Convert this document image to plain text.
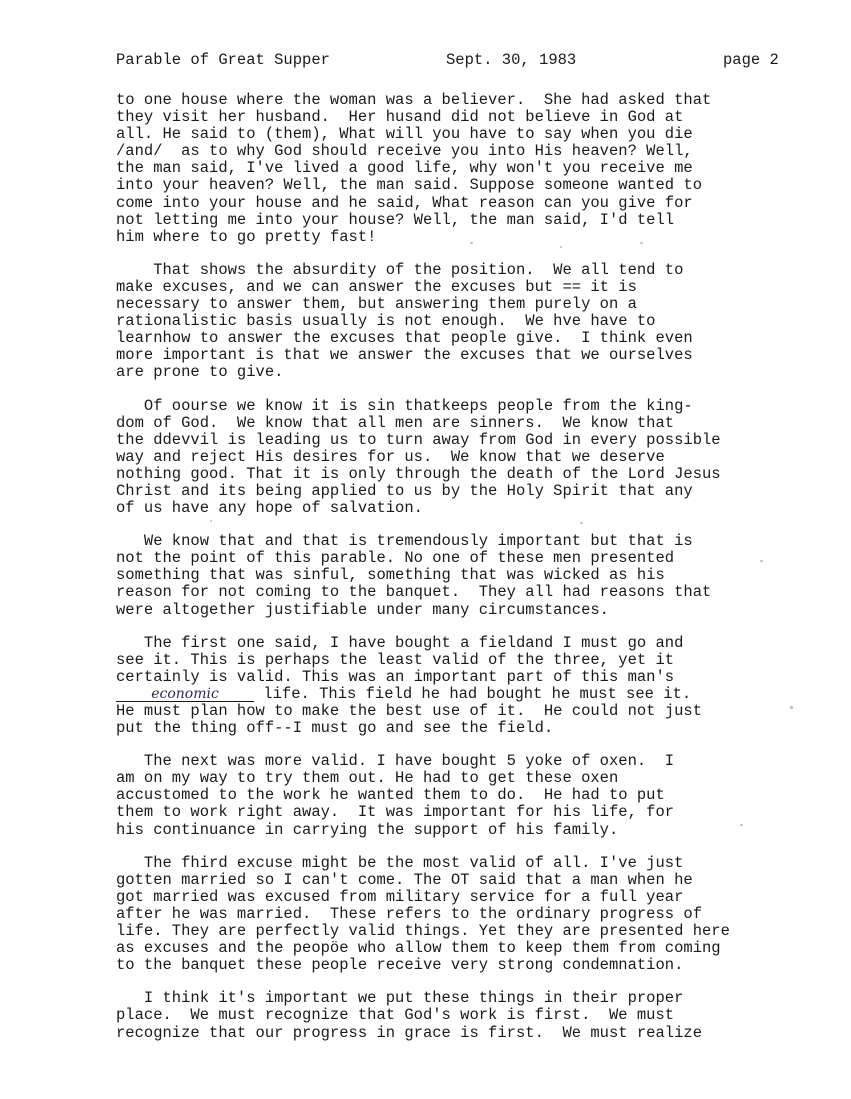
Parable of Great Supper	Sept. 30, 1983	page 2
to one house where the woman was a believer.  She had asked that
they visit her husband.  Her husand did not believe in God at
all. He said to (them), What will you have to say when you die
/and/  as to why God should receive you into His heaven? Well,
the man said, I've lived a good life, why won't you receive me
into your heaven? Well, the man said. Suppose someone wanted to
come into your house and he said, What reason can you give for
not letting me into your house? Well, the man said, I'd tell
him where to go pretty fast!
That shows the absurdity of the position.  We all tend to
make excuses, and we can answer the excuses but == it is
necessary to answer them, but answering them purely on a
rationalistic basis usually is not enough.  We hve have to
learnhow to answer the excuses that people give.  I think even
more important is that we answer the excuses that we ourselves
are prone to give.
Of oourse we know it is sin thatkeeps people from the king-
dom of God.  We know that all men are sinners.  We know that
the ddevvil is leading us to turn away from God in every possible
way and reject His desires for us.  We know that we deserve
nothing good. That it is only through the death of the Lord Jesus
Christ and its being applied to us by the Holy Spirit that any
of us have any hope of salvation.
We know that and that is tremendously important but that is
not the point of this parable. No one of these men presented
something that was sinful, something that was wicked as his
reason for not coming to the banquet.  They all had reasons that
were altogether justifiable under many circumstances.
The first one said, I have bought a fieldand I must go and
see it. This is perhaps the least valid of the three, yet it
certainly is valid. This was an important part of this man's
economic life. This field he had bought he must see it.
He must plan how to make the best use of it.  He could not just
put the thing off--I must go and see the field.
The next was more valid. I have bought 5 yoke of oxen.  I
am on my way to try them out. He had to get these oxen
accustomed to the work he wanted them to do.  He had to put
them to work right away.  It was important for his life, for
his continuance in carrying the support of his family.
The fhird excuse might be the most valid of all. I've just
gotten married so I can't come. The OT said that a man when he
got married was excused from military service for a full year
after he was married.  These refers to the ordinary progress of
life. They are perfectly valid things. Yet they are presented here
as excuses and the peopöe who allow them to keep them from coming
to the banquet these people receive very strong condemnation.
I think it's important we put these things in their proper
place.  We must recognize that God's work is first.  We must
recognize that our progress in grace is first.  We must realize
